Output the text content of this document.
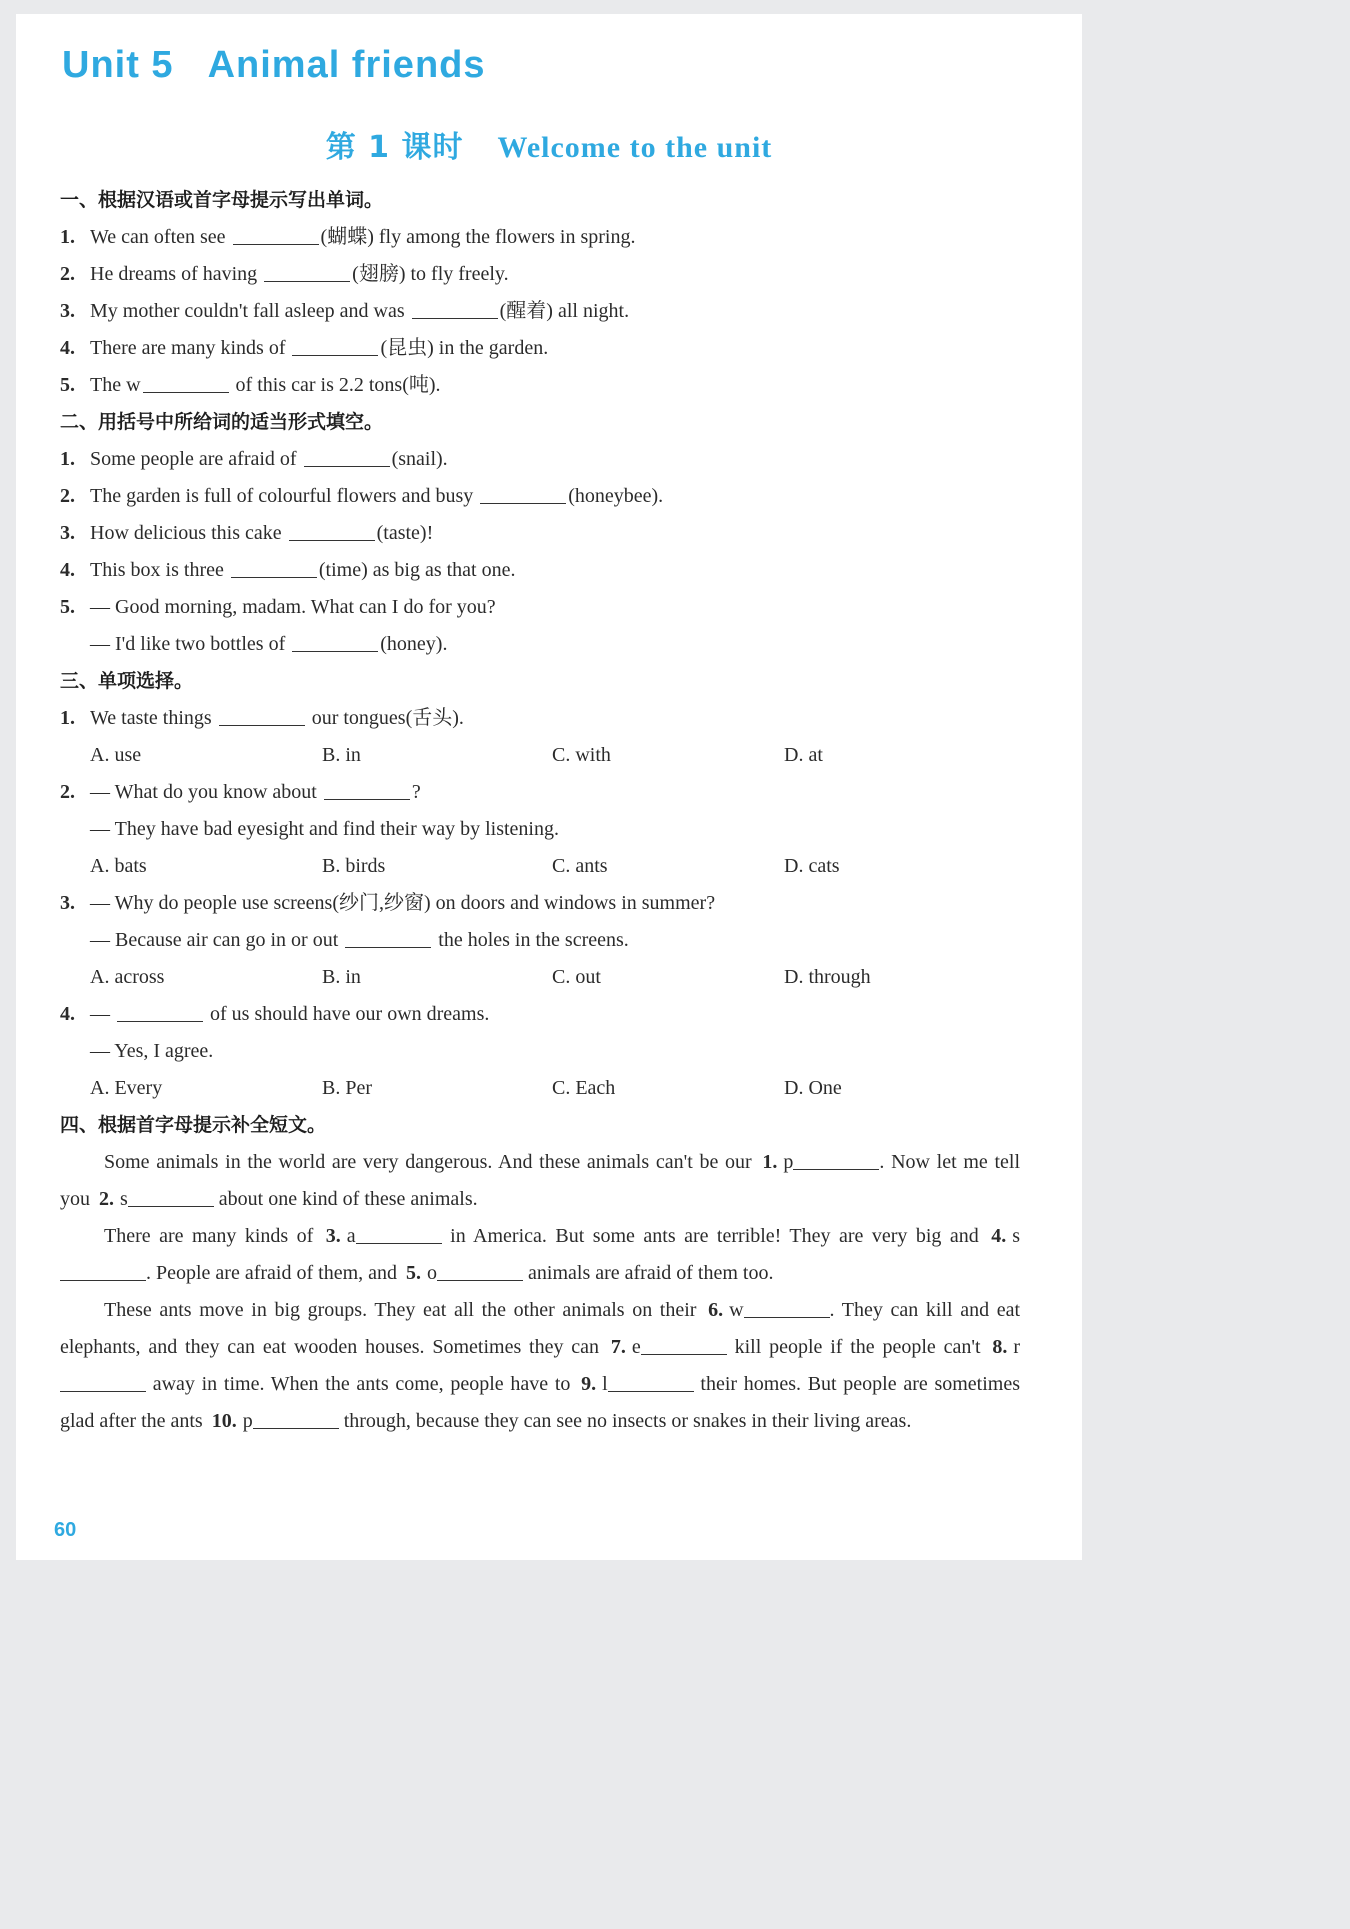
Unit 5 Animal friends
第 1 课时 Welcome to the unit
一、根据汉语或首字母提示写出单词。
1. We can often see	(蝴蝶) fly among the flowers in spring.
2. He dreams of having	(翅膀) to fly freely.
3. My mother couldn't fall asleep and was	(醒着) all night.
4. There are many kinds of	(昆虫) in the garden.
5. The w	of this car is 2.2 tons(吨).
二、用括号中所给词的适当形式填空。
1. Some people are afraid of	(snail).
2. The garden is full of colourful flowers and busy	(honeybee).
3. How delicious this cake	(taste)!
4. This box is three	(time) as big as that one.
5. — Good morning, madam. What can I do for you?
— I'd like two bottles of	(honey).
三、单项选择。
1. We taste things	our tongues(舌头).
A. use	B. in	C. with	D. at
2. — What do you know about	?
— They have bad eyesight and find their way by listening.
A. bats	B. birds	C. ants	D. cats
3. — Why do people use screens(纱门,纱窗) on doors and windows in summer?
— Because air can go in or out	the holes in the screens.
A. across	B. in	C. out	D. through
4. —	of us should have our own dreams.
— Yes, I agree.
A. Every	B. Per	C. Each	D. One
四、根据首字母提示补全短文。

Some animals in the world are very dangerous. And these animals can't be our 1. p	. Now let me tell you 2. s	about one kind of these animals.

There are many kinds of 3. a	in America. But some ants are terrible! They are very big and 4. s. People are afraid of them, and 5. o	animals are afraid of them too.

These ants move in big groups. They eat all the other animals on their 6. w	. They can kill and eat elephants, and they can eat wooden houses. Sometimes they can 7. e	kill people if the people can't 8. r away in time. When the ants come, people have to 9. l	their homes. But people are sometimes glad after the ants 10. p	through, because they can see no insects or snakes in their living areas.

60
